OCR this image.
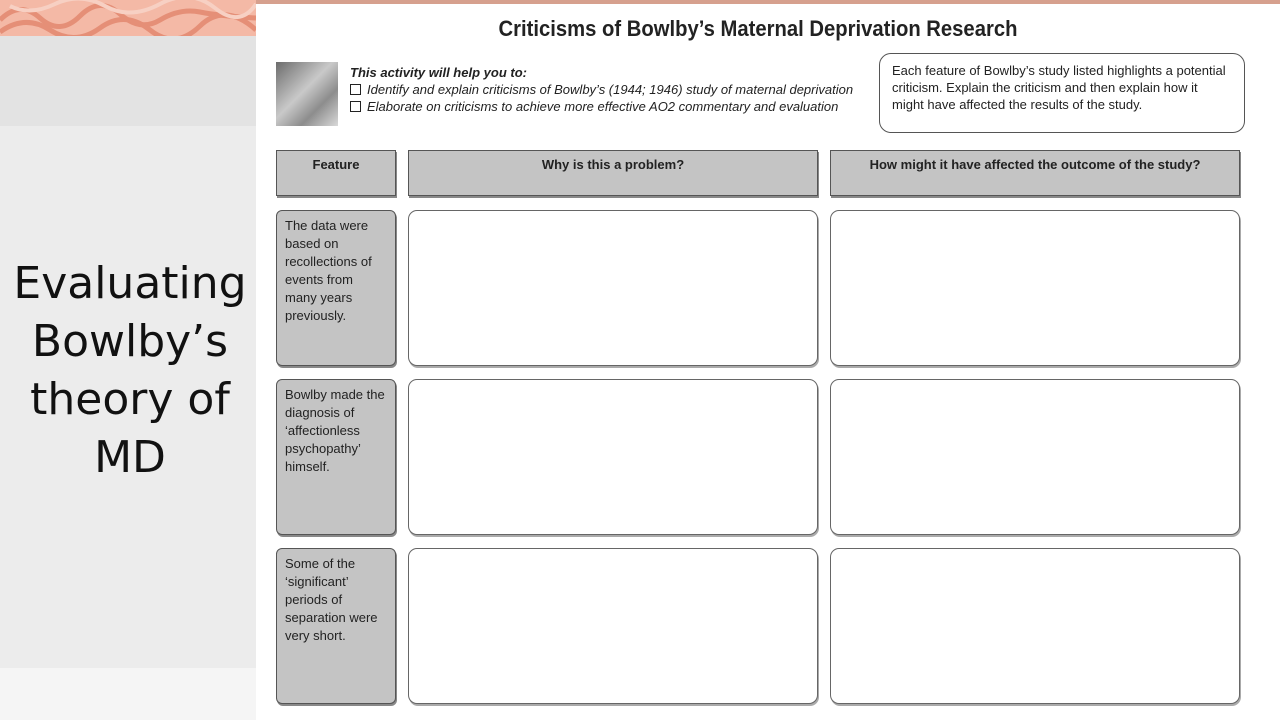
Evaluating Bowlby’s theory of MD
Criticisms of Bowlby’s Maternal Deprivation Research
This activity will help you to:
Identify and explain criticisms of Bowlby’s (1944; 1946) study of maternal deprivation
Elaborate on criticisms to achieve more effective AO2 commentary and evaluation
Each feature of Bowlby’s study listed highlights a potential criticism. Explain the criticism and then explain how it might have affected the results of the study.
Feature	Why is this a problem?	How might it have affected the outcome of the study?
The data were based on recollections of events from many years previously.
Bowlby made the diagnosis of ‘affectionless psychopathy’ himself.
Some of the ‘significant’ periods of separation were very short.
